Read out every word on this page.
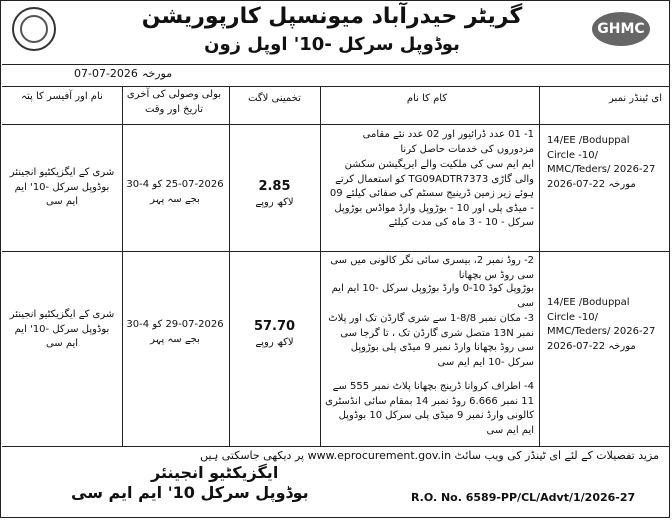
گریٹر حیدرآباد میونسپل کارپوریشن
بوڈوپل سرکل -10' اوپل زون
GHMC
07-07-2026 مورخہ
ای ٹینڈر نمبر
کام کا نام
تخمینی لاگت
بولی وصولی کی آخری تاریخ اور وقت
نام اور آفیسر کا پتہ
14/EE /Boduppal Circle -10/ MMC/Teders/ 2026-27 مورخہ 22-07-2026
1- 01 عدد ڈرائیور اور 02 عدد نئے مقامی مزدوروں کی خدمات حاصل کرنا
ایم ایم سی کی ملکیت والے ایریگیشن سکشن والی گاڑی TG09ADTR7373 کو استعمال کرتے ہوئے زیر زمین ڈرینیج سسٹم کی صفائی کیلئے 09 - میڈی پلی اور 10 - بوڑوپل وارڈ مواڈس بوڑوپل سرکل - 10 - 3 ماہ کی مدت کیلئے
2.85
لاکھ روپے
25-07-2026 کو 4-30 بجے سہ پہر
شری کے ایگزیکٹیو انجینئر بوڈوپل سرکل -10' ایم ایم سی
14/EE /Boduppal Circle -10/ MMC/Teders/ 2026-27 مورخہ 22-07-2026
2- روڈ نمبر 2، بیسری سائی نگر کالونی میں سی سی روڈ س بچھانا
بوڑوپل کوڈ 10-0 وارڈ بوڑوپل سرکل -10 ایم ایم سی
3- مکان نمبر 8/8-1 سے شری گارڈن تک اور پلاٹ نمبر 13N متصل شری گارڈن تک ، تا گرجا سی سی روڈ بچھانا وارڈ نمبر 9 میڈی پلی بوڑوپل سرکل -10 ایم ایم سی
4- اطراف کروانا ڈرینج بچھانا پلاٹ نمبر 555 سے 11 نمبر 6.666 روڈ نمبر 14 بمقام سائی انڈسٹری کالونی وارڈ نمبر 9 میڈی پلی سرکل 10 بوڈوپل ایم ایم سی
57.70
لاکھ روپے
29-07-2026 کو 4-30 بجے سہ پہر
شری کے ایگزیکٹیو انجینئر بوڈوپل سرکل -10' ایم ایم سی
مزید تفصیلات کے لئے ای ٹینڈر کی ویب سائٹ www.eprocurement.gov.in پر دیکھی جاسکتی ہیں
ایگزیکٹیو انجینئر
بوڈوپل سرکل 10' ایم ایم سی	R.O. No. 6589-PP/CL/Advt/1/2026-27
